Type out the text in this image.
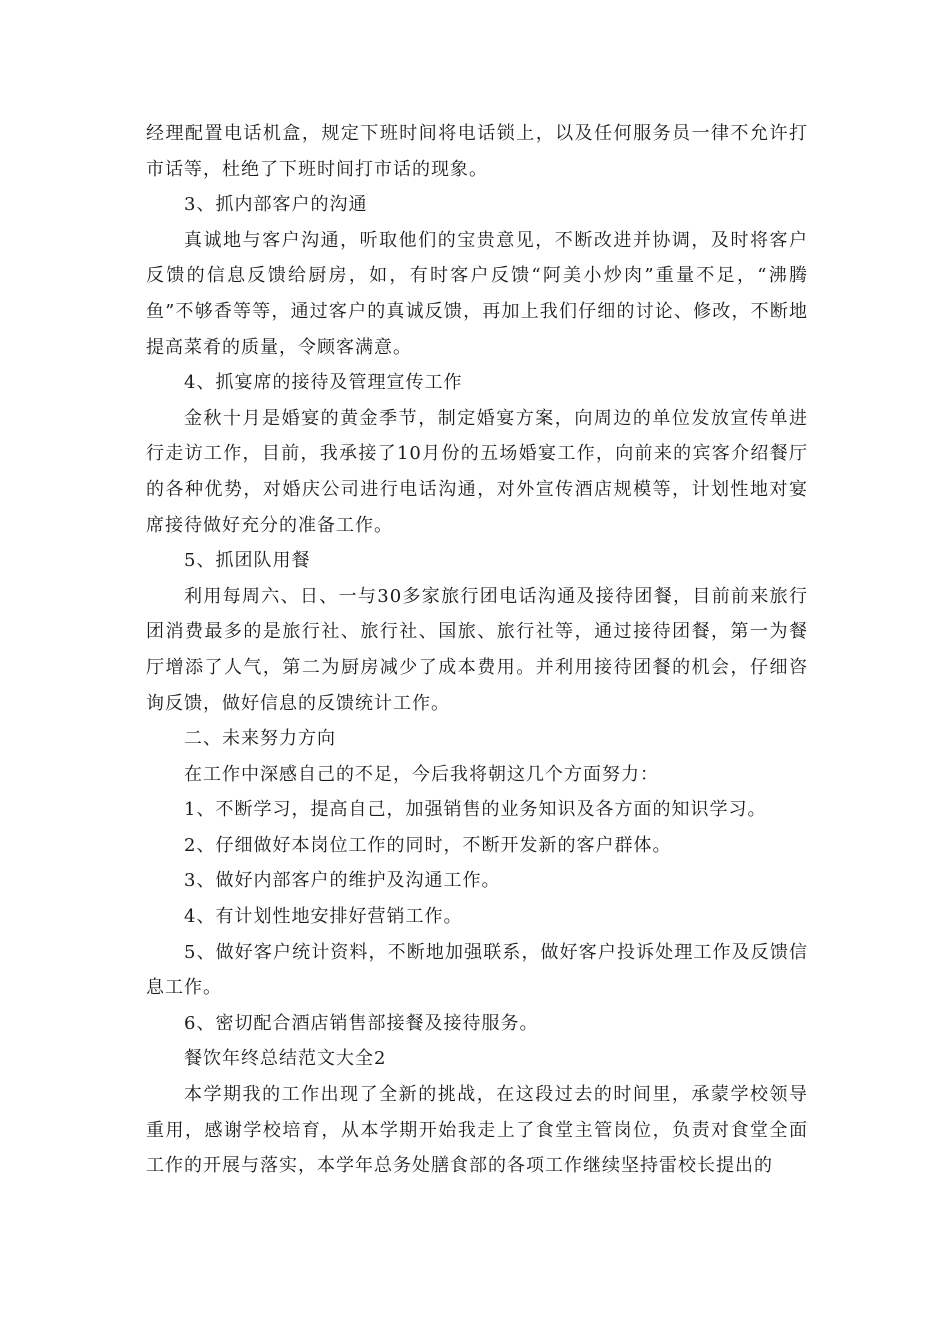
经理配置电话机盒，规定下班时间将电话锁上，以及任何服务员一律不允许打市话等，杜绝了下班时间打市话的现象。

3、抓内部客户的沟通

真诚地与客户沟通，听取他们的宝贵意见，不断改进并协调，及时将客户反馈的信息反馈给厨房，如，有时客户反馈“阿美小炒肉”重量不足，“沸腾鱼”不够香等等，通过客户的真诚反馈，再加上我们仔细的讨论、修改，不断地提高菜肴的质量，令顾客满意。

4、抓宴席的接待及管理宣传工作

金秋十月是婚宴的黄金季节，制定婚宴方案，向周边的单位发放宣传单进行走访工作，目前，我承接了10月份的五场婚宴工作，向前来的宾客介绍餐厅的各种优势，对婚庆公司进行电话沟通，对外宣传酒店规模等，计划性地对宴席接待做好充分的准备工作。

5、抓团队用餐

利用每周六、日、一与30多家旅行团电话沟通及接待团餐，目前前来旅行团消费最多的是旅行社、旅行社、国旅、旅行社等，通过接待团餐，第一为餐厅增添了人气，第二为厨房减少了成本费用。并利用接待团餐的机会，仔细咨询反馈，做好信息的反馈统计工作。

二、未来努力方向

在工作中深感自己的不足，今后我将朝这几个方面努力：

1、不断学习，提高自己，加强销售的业务知识及各方面的知识学习。

2、仔细做好本岗位工作的同时，不断开发新的客户群体。

3、做好内部客户的维护及沟通工作。

4、有计划性地安排好营销工作。

5、做好客户统计资料，不断地加强联系，做好客户投诉处理工作及反馈信息工作。

6、密切配合酒店销售部接餐及接待服务。

餐饮年终总结范文大全2

本学期我的工作出现了全新的挑战，在这段过去的时间里，承蒙学校领导重用，感谢学校培育，从本学期开始我走上了食堂主管岗位，负责对食堂全面工作的开展与落实，本学年总务处膳食部的各项工作继续坚持雷校长提出的
